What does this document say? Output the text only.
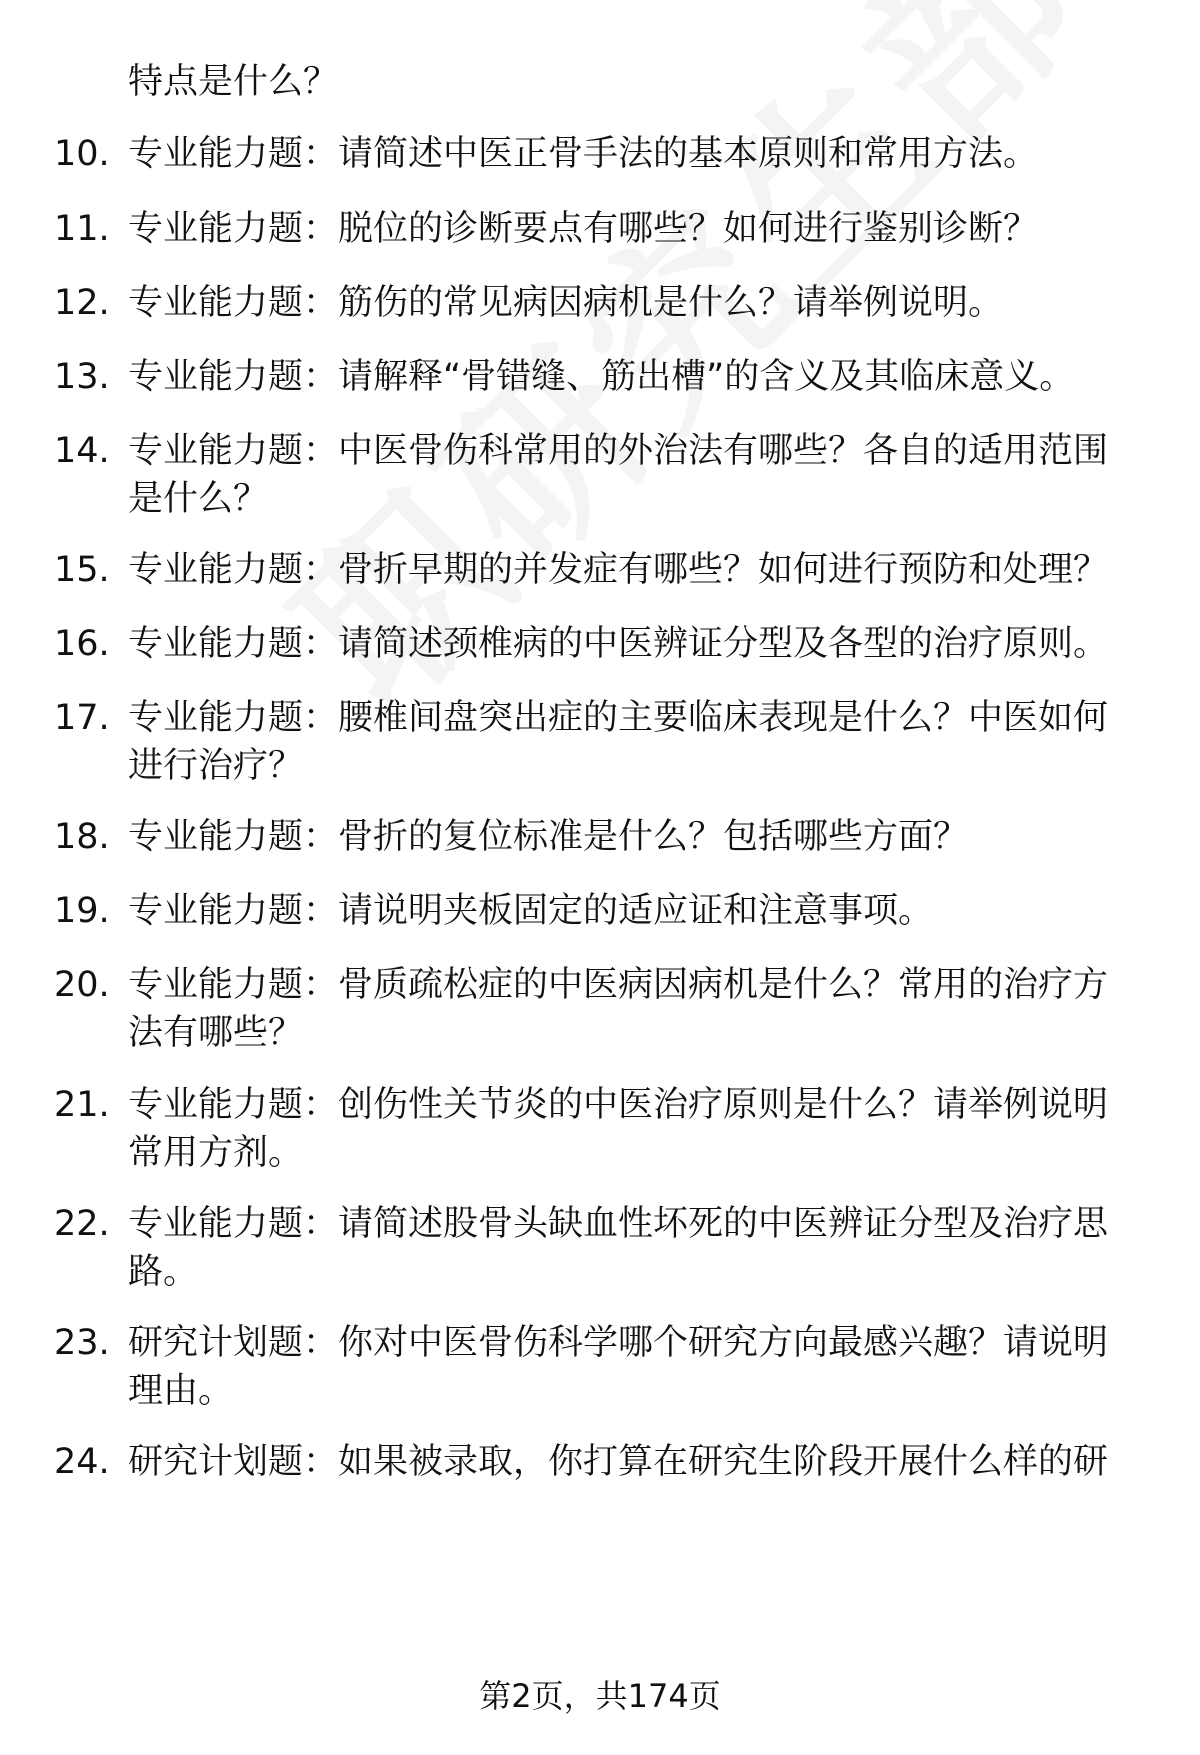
特点是什么？
10. 专业能力题：请简述中医正骨手法的基本原则和常用方法。
11. 专业能力题：脱位的诊断要点有哪些？如何进行鉴别诊断？
12. 专业能力题：筋伤的常见病因病机是什么？请举例说明。
13. 专业能力题：请解释“骨错缝、筋出槽”的含义及其临床意义。
14. 专业能力题：中医骨伤科常用的外治法有哪些？各自的适用范围
是什么？
15. 专业能力题：骨折早期的并发症有哪些？如何进行预防和处理？
16. 专业能力题：请简述颈椎病的中医辨证分型及各型的治疗原则。
17. 专业能力题：腰椎间盘突出症的主要临床表现是什么？中医如何
进行治疗？
18. 专业能力题：骨折的复位标准是什么？包括哪些方面？
19. 专业能力题：请说明夹板固定的适应证和注意事项。
20. 专业能力题：骨质疏松症的中医病因病机是什么？常用的治疗方
法有哪些？
21. 专业能力题：创伤性关节炎的中医治疗原则是什么？请举例说明
常用方剂。
22. 专业能力题：请简述股骨头缺血性坏死的中医辨证分型及治疗思
路。
23. 研究计划题：你对中医骨伤科学哪个研究方向最感兴趣？请说明
理由。
24. 研究计划题：如果被录取，你打算在研究生阶段开展什么样的研
第2页，共174页
